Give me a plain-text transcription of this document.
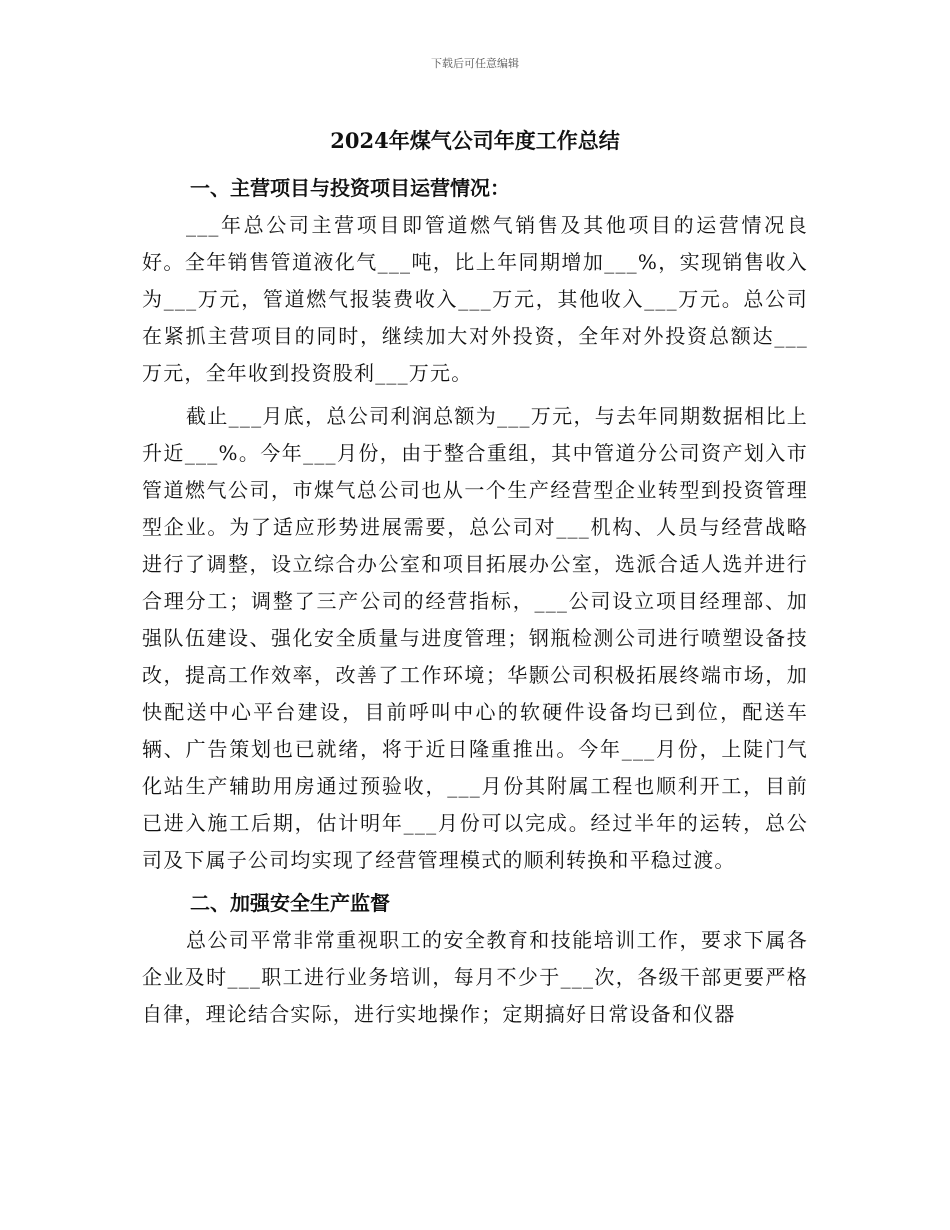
下载后可任意编辑
2024年煤气公司年度工作总结
一、主营项目与投资项目运营情况：

___年总公司主营项目即管道燃气销售及其他项目的运营情况良好。全年销售管道液化气___吨，比上年同期增加___%，实现销售收入为___万元，管道燃气报装费收入___万元，其他收入___万元。总公司在紧抓主营项目的同时，继续加大对外投资，全年对外投资总额达___万元，全年收到投资股利___万元。

截止___月底，总公司利润总额为___万元，与去年同期数据相比上升近___%。今年___月份，由于整合重组，其中管道分公司资产划入市管道燃气公司，市煤气总公司也从一个生产经营型企业转型到投资管理型企业。为了适应形势进展需要，总公司对___机构、人员与经营战略进行了调整，设立综合办公室和项目拓展办公室，选派合适人选并进行合理分工；调整了三产公司的经营指标，___公司设立项目经理部、加强队伍建设、强化安全质量与进度管理；钢瓶检测公司进行喷塑设备技改，提高工作效率，改善了工作环境；华颢公司积极拓展终端市场，加快配送中心平台建设，目前呼叫中心的软硬件设备均已到位，配送车辆、广告策划也已就绪，将于近日隆重推出。今年___月份，上陡门气化站生产辅助用房通过预验收，___月份其附属工程也顺利开工，目前已进入施工后期，估计明年___月份可以完成。经过半年的运转，总公司及下属子公司均实现了经营管理模式的顺利转换和平稳过渡。

二、加强安全生产监督

总公司平常非常重视职工的安全教育和技能培训工作，要求下属各企业及时___职工进行业务培训，每月不少于___次，各级干部更要严格自律，理论结合实际，进行实地操作；定期搞好日常设备和仪器
